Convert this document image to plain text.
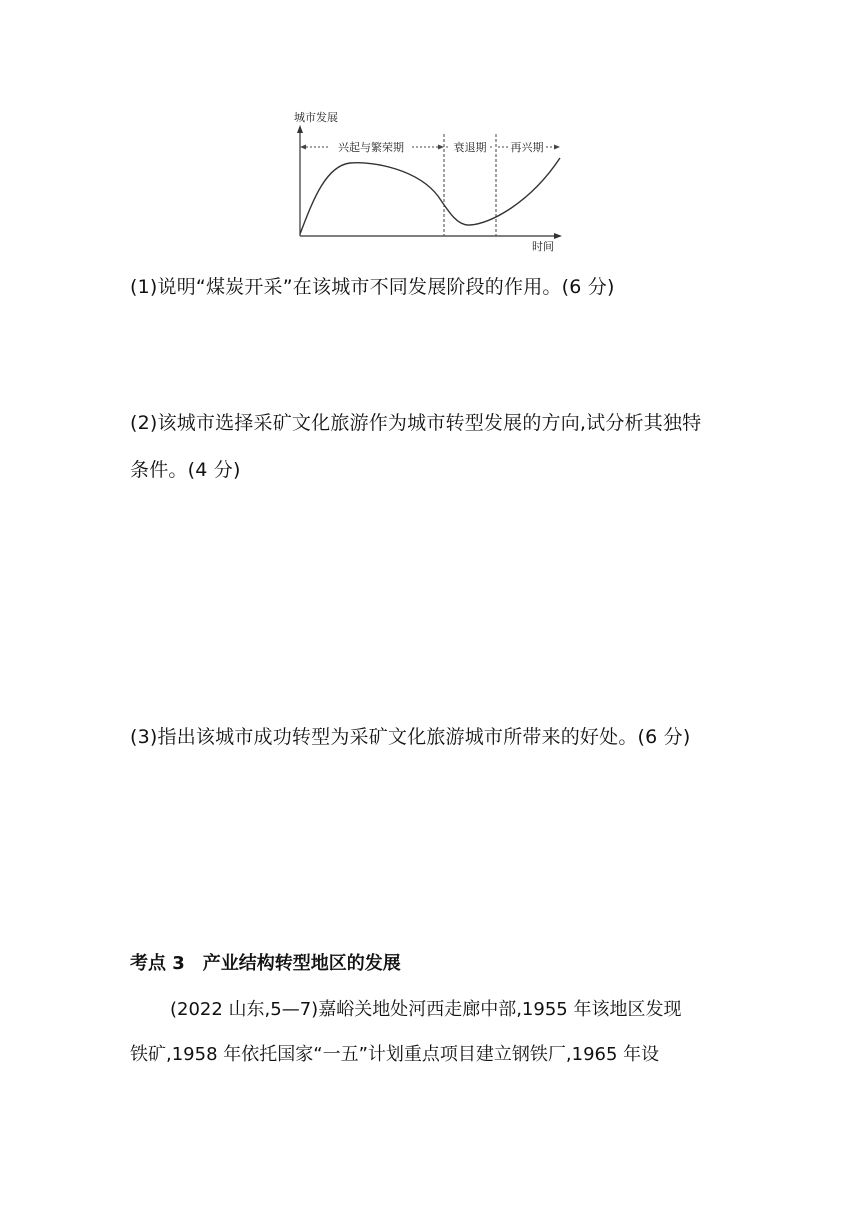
城市发展
时间
兴起与繁荣期	衰退期 再兴期
(1)说明“煤炭开采”在该城市不同发展阶段的作用。(6 分)
(2)该城市选择采矿文化旅游作为城市转型发展的方向,试分析其独特
条件。(4 分)
(3)指出该城市成功转型为采矿文化旅游城市所带来的好处。(6 分)
考点 3　产业结构转型地区的发展
(2022 山东,5—7)嘉峪关地处河西走廊中部,1955 年该地区发现
铁矿,1958 年依托国家“一五”计划重点项目建立钢铁厂,1965 年设
